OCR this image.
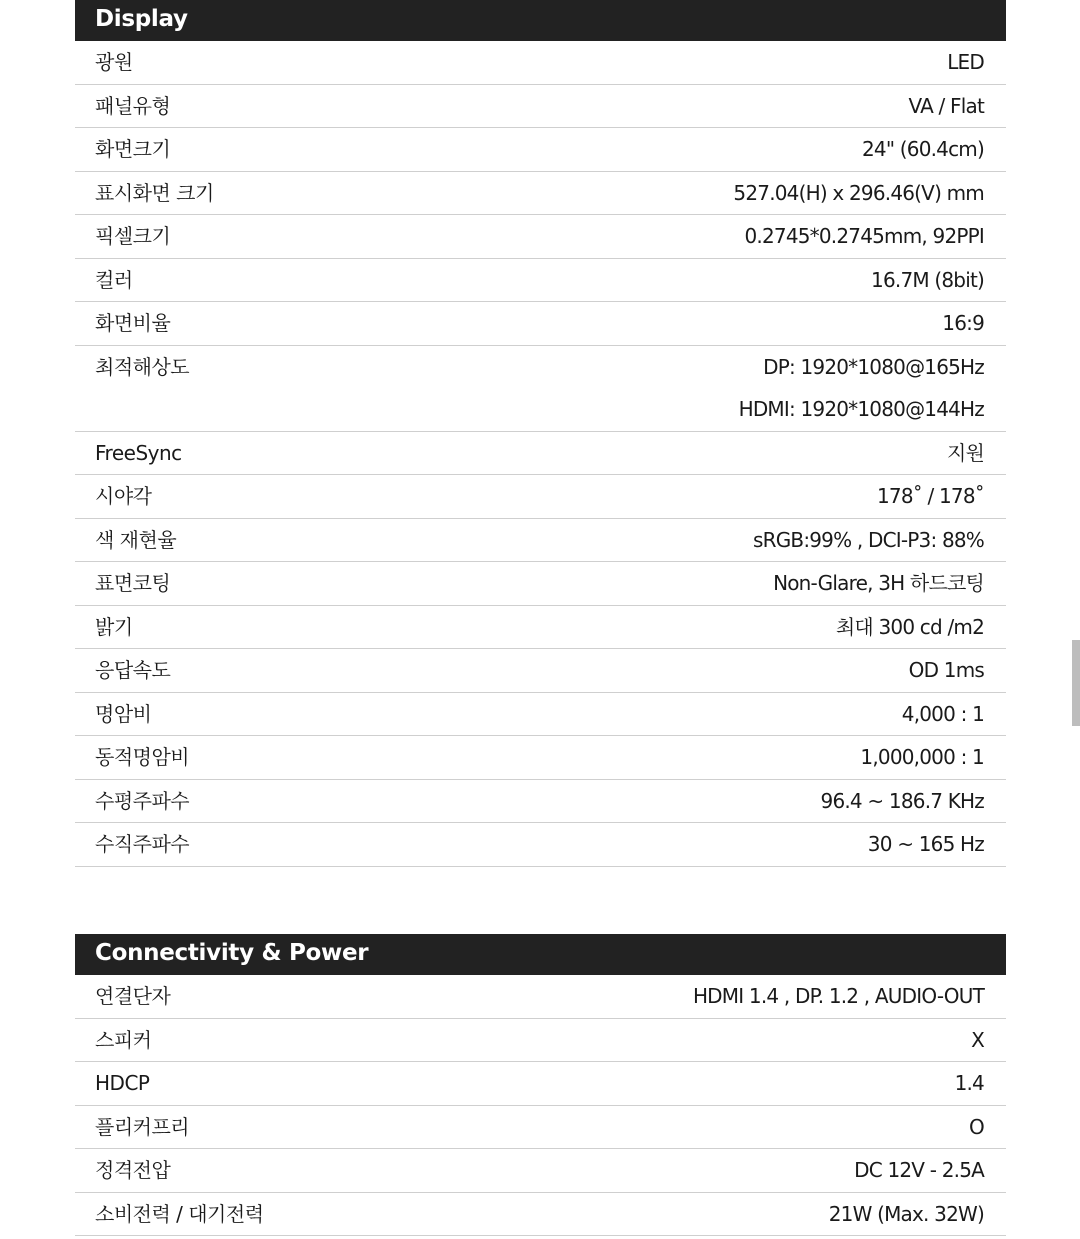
Display
광원	LED
패널유형	VA / Flat
화면크기	24" (60.4cm)
표시화면 크기	527.04(H) x 296.46(V) mm
픽셀크기	0.2745*0.2745mm, 92PPI
컬러	16.7M (8bit)
화면비율	16:9
최적해상도	DP: 1920*1080@165Hz
HDMI: 1920*1080@144Hz
FreeSync	지원
시야각	178˚ / 178˚
색 재현율	sRGB:99% , DCI-P3: 88%
표면코팅	Non-Glare, 3H 하드코팅
밝기	최대 300 cd /m2
응답속도	OD 1ms
명암비	4,000 : 1
동적명암비	1,000,000 : 1
수평주파수	96.4 ~ 186.7 KHz
수직주파수	30 ~ 165 Hz
Connectivity & Power
연결단자	HDMI 1.4 , DP. 1.2 , AUDIO-OUT
스피커	X
HDCP	1.4
플리커프리	O
정격전압	DC 12V - 2.5A
소비전력 / 대기전력	21W (Max. 32W)
